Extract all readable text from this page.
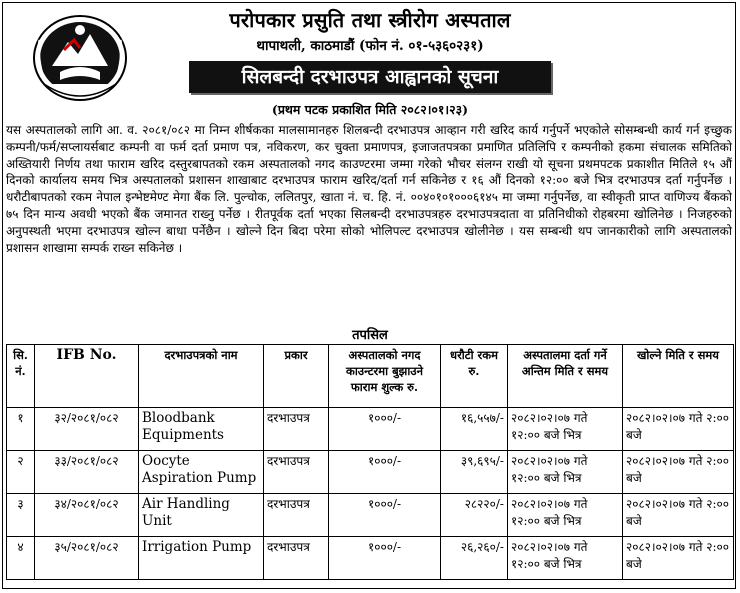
परोपकार प्रसुति तथा स्त्रीरोग अस्पताल
थापाथली, काठमाडौं (फोन नं. ०१-५३६०२३१)
सिलबन्दी दरभाउपत्र आह्वानको सूचना
(प्रथम पटक प्रकाशित मिति २०८२।०१।२३)
यस अस्पतालको लागि आ. व. २०८१/०८२ मा निम्न शीर्षकका मालसामानहरु शिलबन्दी दरभाउपत्र आव्हान गरी खरिद कार्य गर्नुपर्ने भएकोले सोसम्बन्धी कार्य गर्न इच्छुक कम्पनी/फर्म/सप्लायर्सबाट कम्पनी वा फर्म दर्ता प्रमाण पत्र, नविकरण, कर चुक्ता प्रमाणपत्र, इजाजतपत्रका प्रमाणित प्रतिलिपि र कम्पनीको हकमा संचालक समितिको अख्तियारी निर्णय तथा फाराम खरिद दस्तुरबापतको रकम अस्पतालको नगद काउण्टरमा जम्मा गरेको भौचर संलग्न राखी यो सूचना प्रथमपटक प्रकाशीत मितिले १५ औं दिनको कार्यालय समय भित्र अस्पतालको प्रशासन शाखाबाट दरभाउपत्र फाराम खरिद/दर्ता गर्न सकिनेछ र १६ औं दिनको १२:०० बजे भित्र दरभाउपत्र दर्ता गर्नुपर्नेछ । धरौटीबापतको रकम नेपाल इन्भेष्टमेण्ट मेगा बैंक लि. पुल्चोक, ललितपुर, खाता नं. च. हि. नं. ००४०१०१०००६१४५ मा जम्मा गर्नुपर्नेछ, वा स्वीकृती प्राप्त वाणिज्य बैंकको ७५ दिन मान्य अवधी भएको बैंक जमानत राख्नु पर्नेछ । रीतपूर्वक दर्ता भएका सिलबन्दी दरभाउपत्रहरु दरभाउपत्रदाता वा प्रतिनिधीको रोहबरमा खोलिनेछ । निजहरुको अनुपस्थती भएमा दरभाउपत्र खोल्न बाधा पर्नेछैन । खोल्ने दिन बिदा परेमा सोको भोलिपल्ट दरभाउपत्र खोलीनेछ । यस सम्बन्धी थप जानकारीको लागि अस्पतालको प्रशासन शाखामा सम्पर्क राख्न सकिनेछ ।
तपसिल
सि. नं.	IFB No.	दरभाउपत्रको नाम	प्रकार	अस्पतालको नगद काउन्टरमा बुझाउने फाराम शुल्क रु.	धरौटी रकम रु.	अस्पतालमा दर्ता गर्ने अन्तिम मिति र समय	खोल्ने मिति र समय
१	३२/२०८१/०८२	Bloodbank Equipments	दरभाउपत्र	१०००/-	१६,५५७/-	२०८२।०२।०७ गते १२:०० बजे भित्र	२०८२।०२।०७ गते २:०० बजे
२	३३/२०८१/०८२	Oocyte Aspiration Pump	दरभाउपत्र	१०००/-	३९,६९५/-	२०८२।०२।०७ गते १२:०० बजे भित्र	२०८२।०२।०७ गते २:०० बजे
३	३४/२०८१/०८२	Air Handling Unit	दरभाउपत्र	१०००/-	२८२२०/-	२०८२।०२।०७ गते १२:०० बजे भित्र	२०८२।०२।०७ गते २:०० बजे
४	३५/२०८१/०८२	Irrigation Pump	दरभाउपत्र	१०००/-	२६,२६०/-	२०८२।०२।०७ गते १२:०० बजे भित्र	२०८२।०२।०७ गते २:०० बजे
